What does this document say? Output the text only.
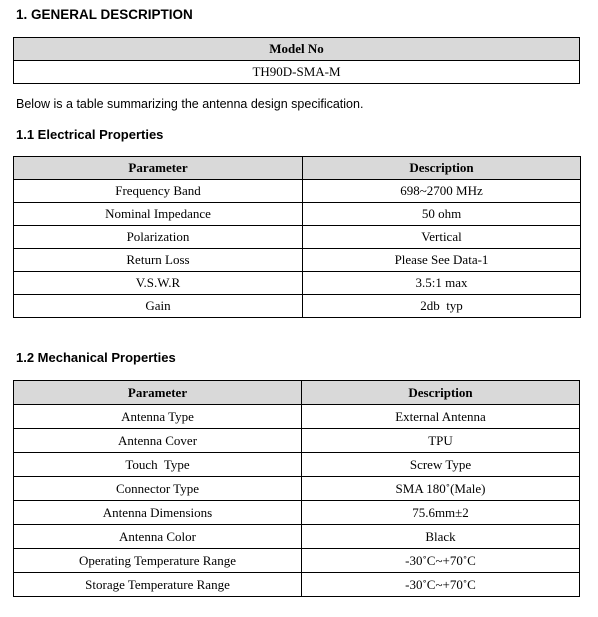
1. GENERAL DESCRIPTION
Model No
TH90D-SMA-M
Below is a table summarizing the antenna design specification.
1.1 Electrical Properties
Parameter	Description
Frequency Band	698~2700 MHz
Nominal Impedance	50 ohm
Polarization	Vertical
Return Loss	Please See Data-1
V.S.W.R	3.5:1 max
Gain	2db  typ
1.2 Mechanical Properties
Parameter	Description
Antenna Type	External Antenna
Antenna Cover	TPU
Touch  Type	Screw Type
Connector Type	SMA 180˚(Male)
Antenna Dimensions	75.6mm±2
Antenna Color	Black
Operating Temperature Range	-30˚C~+70˚C
Storage Temperature Range	-30˚C~+70˚C
